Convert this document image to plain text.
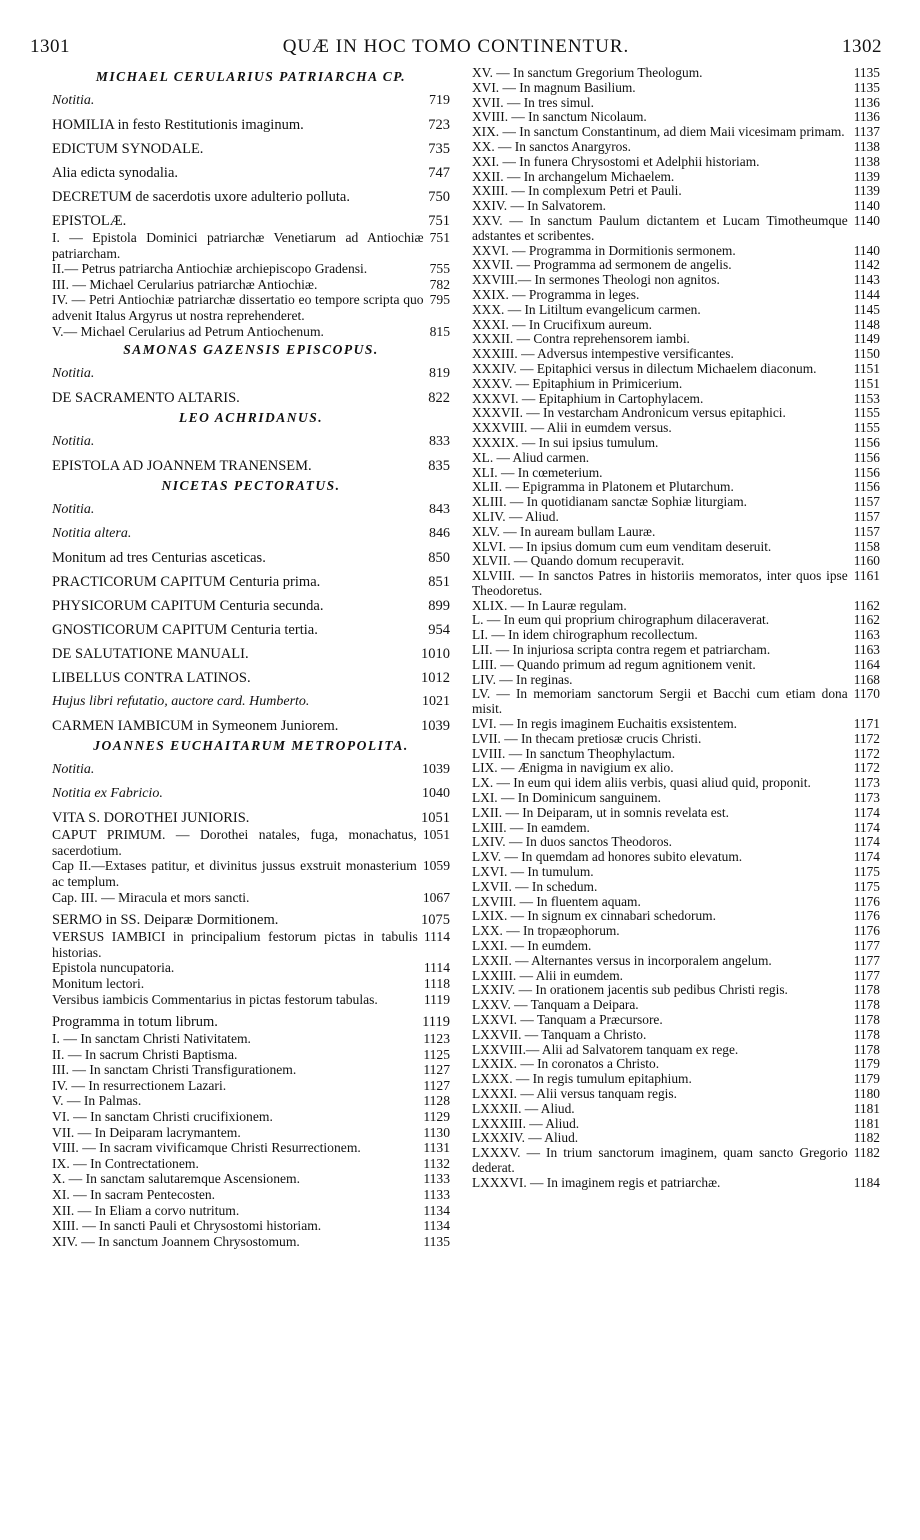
1301	QUÆ IN HOC TOMO CONTINENTUR.	1302
MICHAEL CERULARIUS PATRIARCHA CP.
719
Notitia.
723
HOMILIA in festo Restitutionis imaginum.
735
EDICTUM SYNODALE.
747
Alia edicta synodalia.
750
DECRETUM de sacerdotis uxore adulterio polluta.
751
EPISTOLÆ.
751
I. — Epistola Dominici patriarchæ Venetiarum ad Antiochiæ patriarcham.
755
II.— Petrus patriarcha Antiochiæ archiepiscopo Gradensi.
782
III. — Michael Cerularius patriarchæ Antiochiæ.
795
IV. — Petri Antiochiæ patriarchæ dissertatio eo tempore scripta quo advenit Italus Argyrus ut nostra reprehenderet.
815
V.— Michael Cerularius ad Petrum Antiochenum.
SAMONAS GAZENSIS EPISCOPUS.
819
Notitia.
822
DE SACRAMENTO ALTARIS.
LEO ACHRIDANUS.
833
Notitia.
835
EPISTOLA AD JOANNEM TRANENSEM.
NICETAS PECTORATUS.
843
Notitia.
846
Notitia altera.
850
Monitum ad tres Centurias asceticas.
851
PRACTICORUM CAPITUM Centuria prima.
899
PHYSICORUM CAPITUM Centuria secunda.
954
GNOSTICORUM CAPITUM Centuria tertia.
1010
DE SALUTATIONE MANUALI.
1012
LIBELLUS CONTRA LATINOS.
1021
Hujus libri refutatio, auctore card. Humberto.
1039
CARMEN IAMBICUM in Symeonem Juniorem.
JOANNES EUCHAITARUM METROPOLITA.
1039
Notitia.
1040
Notitia ex Fabricio.
1051
VITA S. DOROTHEI JUNIORIS.
1051
CAPUT PRIMUM. — Dorothei natales, fuga, monachatus, sacerdotium.
1059
Cap II.—Extases patitur, et divinitus jussus exstruit monasterium ac templum.
1067
Cap. III. — Miracula et mors sancti.
1075
SERMO in SS. Deiparæ Dormitionem.
1114
VERSUS IAMBICI in principalium festorum pictas in tabulis historias.
1114
Epistola nuncupatoria.
1118
Monitum lectori.
1119
Versibus iambicis Commentarius in pictas festorum tabulas.
1119
Programma in totum librum.
1123
I. — In sanctam Christi Nativitatem.
1125
II. — In sacrum Christi Baptisma.
1127
III. — In sanctam Christi Transfigurationem.
1127
IV. — In resurrectionem Lazari.
1128
V. — In Palmas.
1129
VI. — In sanctam Christi crucifixionem.
1130
VII. — In Deiparam lacrymantem.
1131
VIII. — In sacram vivificamque Christi Resurrectionem.
1132
IX. — In Contrectationem.
1133
X. — In sanctam salutaremque Ascensionem.
1133
XI. — In sacram Pentecosten.
1134
XII. — In Eliam a corvo nutritum.
1134
XIII. — In sancti Pauli et Chrysostomi historiam.
1135
XIV. — In sanctum Joannem Chrysostomum.
1135
XV. — In sanctum Gregorium Theologum.
1135
XVI. — In magnum Basilium.
1136
XVII. — In tres simul.
1136
XVIII. — In sanctum Nicolaum.
1137
XIX. — In sanctum Constantinum, ad diem Maii vicesimam primam.
1138
XX. — In sanctos Anargyros.
1138
XXI. — In funera Chrysostomi et Adelphii historiam.
1139
XXII. — In archangelum Michaelem.
1139
XXIII. — In complexum Petri et Pauli.
1140
XXIV. — In Salvatorem.
1140
XXV. — In sanctum Paulum dictantem et Lucam Timotheumque adstantes et scribentes.
1140
XXVI. — Programma in Dormitionis sermonem.
1142
XXVII. — Programma ad sermonem de angelis.
1143
XXVIII.— In sermones Theologi non agnitos.
1144
XXIX. — Programma in leges.
1145
XXX. — In Litiltum evangelicum carmen.
1148
XXXI. — In Crucifixum aureum.
1149
XXXII. — Contra reprehensorem iambi.
1150
XXXIII. — Adversus intempestive versificantes.
1151
XXXIV. — Epitaphici versus in dilectum Michaelem diaconum.
1151
XXXV. — Epitaphium in Primicerium.
1153
XXXVI. — Epitaphium in Cartophylacem.
1155
XXXVII. — In vestarcham Andronicum versus epitaphici.
1155
XXXVIII. — Alii in eumdem versus.
1156
XXXIX. — In sui ipsius tumulum.
1156
XL. — Aliud carmen.
1156
XLI. — In cœmeterium.
1156
XLII. — Epigramma in Platonem et Plutarchum.
1157
XLIII. — In quotidianam sanctæ Sophiæ liturgiam.
1157
XLIV. — Aliud.
1157
XLV. — In auream bullam Lauræ.
1158
XLVI. — In ipsius domum cum eum venditam deseruit.
1160
XLVII. — Quando domum recuperavit.
1161
XLVIII. — In sanctos Patres in historiis memoratos, inter quos ipse Theodoretus.
1162
XLIX. — In Lauræ regulam.
1162
L. — In eum qui proprium chirographum dilaceraverat.
1163
LI. — In idem chirographum recollectum.
1163
LII. — In injuriosa scripta contra regem et patriarcham.
1164
LIII. — Quando primum ad regum agnitionem venit.
1168
LIV. — In reginas.
1170
LV. — In memoriam sanctorum Sergii et Bacchi cum etiam dona misit.
1171
LVI. — In regis imaginem Euchaitis exsistentem.
1172
LVII. — In thecam pretiosæ crucis Christi.
1172
LVIII. — In sanctum Theophylactum.
1172
LIX. — Ænigma in navigium ex alio.
1173
LX. — In eum qui idem aliis verbis, quasi aliud quid, proponit.
1173
LXI. — In Dominicum sanguinem.
1174
LXII. — In Deiparam, ut in somnis revelata est.
1174
LXIII. — In eamdem.
1174
LXIV. — In duos sanctos Theodoros.
1174
LXV. — In quemdam ad honores subito elevatum.
1175
LXVI. — In tumulum.
1175
LXVII. — In schedum.
1176
LXVIII. — In fluentem aquam.
1176
LXIX. — In signum ex cinnabari schedorum.
1176
LXX. — In tropæophorum.
1177
LXXI. — In eumdem.
1177
LXXII. — Alternantes versus in incorporalem angelum.
1177
LXXIII. — Alii in eumdem.
1178
LXXIV. — In orationem jacentis sub pedibus Christi regis.
1178
LXXV. — Tanquam a Deipara.
1178
LXXVI. — Tanquam a Præcursore.
1178
LXXVII. — Tanquam a Christo.
1178
LXXVIII.— Alii ad Salvatorem tanquam ex rege.
1179
LXXIX. — In coronatos a Christo.
1179
LXXX. — In regis tumulum epitaphium.
1180
LXXXI. — Alii versus tanquam regis.
1181
LXXXII. — Aliud.
1181
LXXXIII. — Aliud.
1182
LXXXIV. — Aliud.
1182
LXXXV. — In trium sanctorum imaginem, quam sancto Gregorio dederat.
1184
LXXXVI. — In imaginem regis et patriarchæ.
